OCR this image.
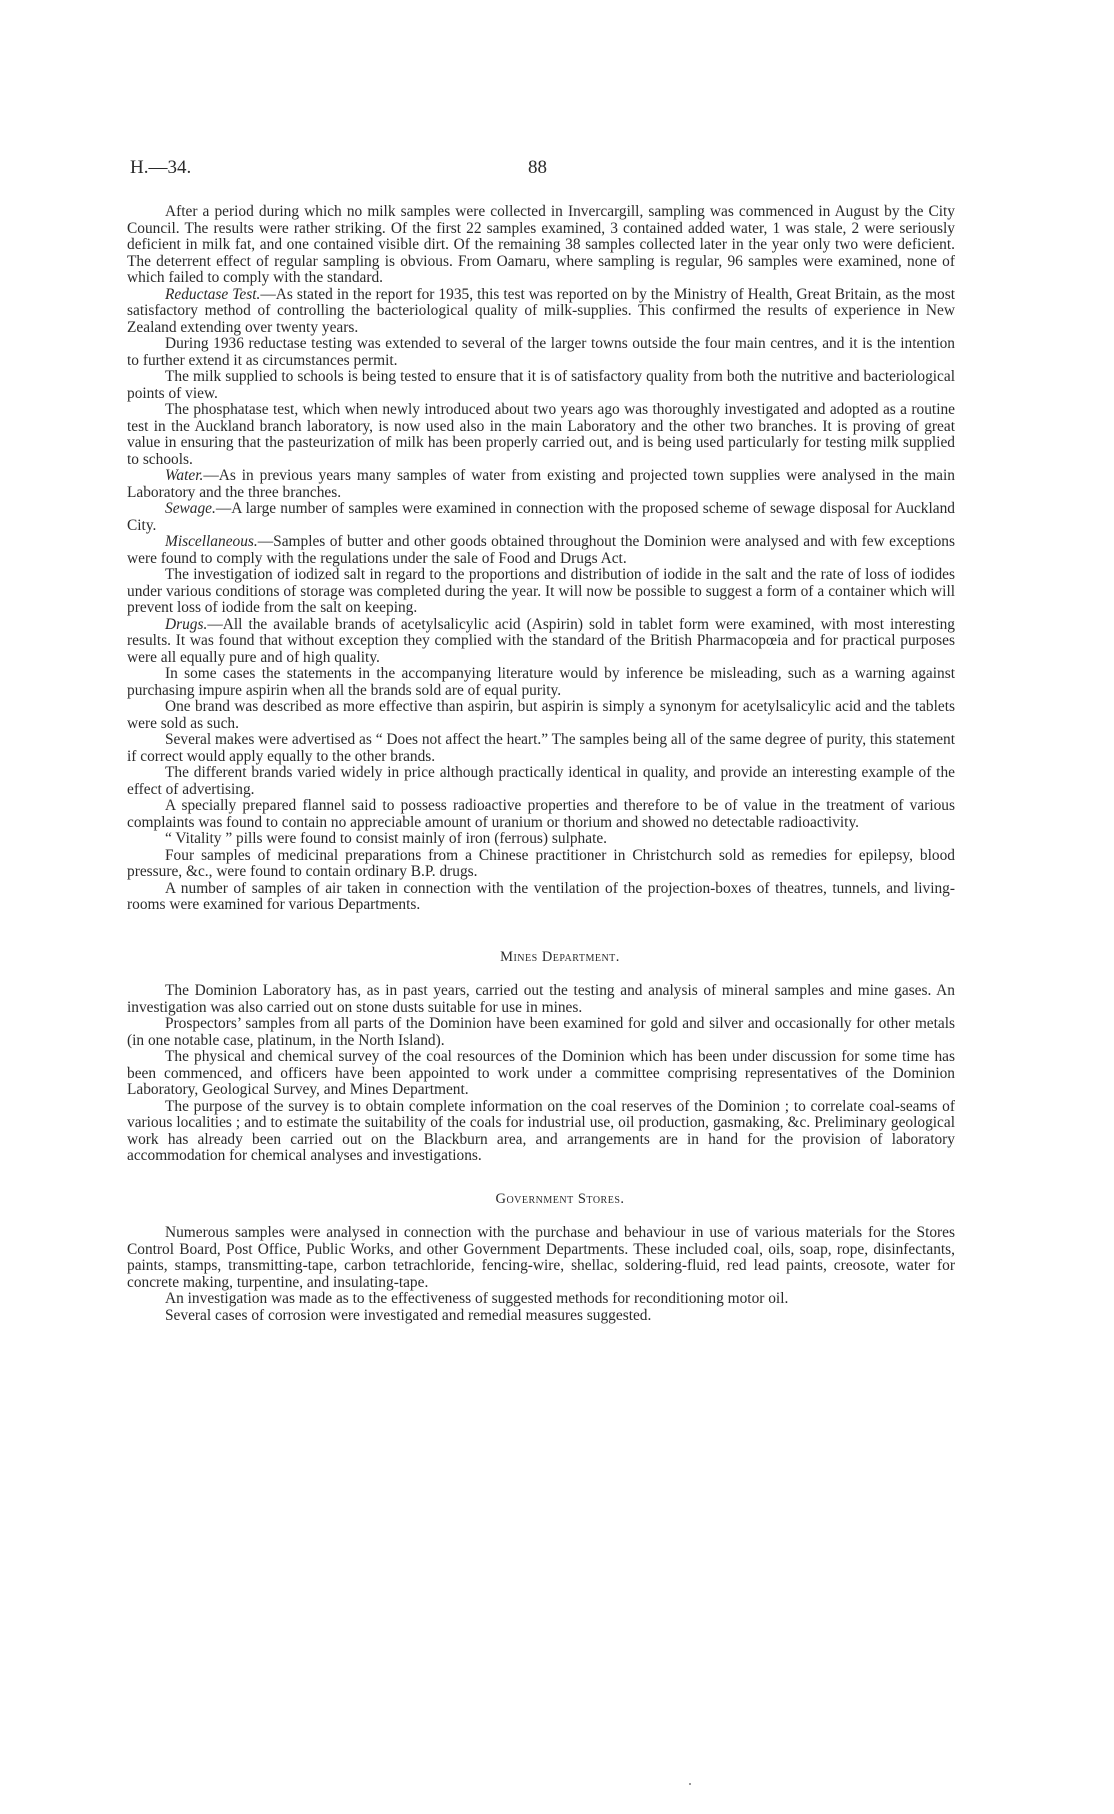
H.—34.	88

After a period during which no milk samples were collected in Invercargill, sampling was commenced in August by the City Council. The results were rather striking. Of the first 22 samples examined, 3 contained added water, 1 was stale, 2 were seriously deficient in milk fat, and one contained visible dirt. Of the remaining 38 samples collected later in the year only two were deficient. The deterrent effect of regular sampling is obvious. From Oamaru, where sampling is regular, 96 samples were examined, none of which failed to comply with the standard.

Reductase Test.—As stated in the report for 1935, this test was reported on by the Ministry of Health, Great Britain, as the most satisfactory method of controlling the bacteriological quality of milk-supplies. This confirmed the results of experience in New Zealand extending over twenty years.

During 1936 reductase testing was extended to several of the larger towns outside the four main centres, and it is the intention to further extend it as circumstances permit.

The milk supplied to schools is being tested to ensure that it is of satisfactory quality from both the nutritive and bacteriological points of view.

The phosphatase test, which when newly introduced about two years ago was thoroughly investigated and adopted as a routine test in the Auckland branch laboratory, is now used also in the main Laboratory and the other two branches. It is proving of great value in ensuring that the pasteurization of milk has been properly carried out, and is being used particularly for testing milk supplied to schools.

Water.—As in previous years many samples of water from existing and projected town supplies were analysed in the main Laboratory and the three branches.

Sewage.—A large number of samples were examined in connection with the proposed scheme of sewage disposal for Auckland City.

Miscellaneous.—Samples of butter and other goods obtained throughout the Dominion were analysed and with few exceptions were found to comply with the regulations under the sale of Food and Drugs Act.

The investigation of iodized salt in regard to the proportions and distribution of iodide in the salt and the rate of loss of iodides under various conditions of storage was completed during the year. It will now be possible to suggest a form of a container which will prevent loss of iodide from the salt on keeping.

Drugs.—All the available brands of acetylsalicylic acid (Aspirin) sold in tablet form were examined, with most interesting results. It was found that without exception they complied with the standard of the British Pharmacopœia and for practical purposes were all equally pure and of high quality.

In some cases the statements in the accompanying literature would by inference be misleading, such as a warning against purchasing impure aspirin when all the brands sold are of equal purity.

One brand was described as more effective than aspirin, but aspirin is simply a synonym for acetylsalicylic acid and the tablets were sold as such.

Several makes were advertised as “ Does not affect the heart.” The samples being all of the same degree of purity, this statement if correct would apply equally to the other brands.

The different brands varied widely in price although practically identical in quality, and provide an interesting example of the effect of advertising.

A specially prepared flannel said to possess radioactive properties and therefore to be of value in the treatment of various complaints was found to contain no appreciable amount of uranium or thorium and showed no detectable radioactivity.

“ Vitality ” pills were found to consist mainly of iron (ferrous) sulphate.

Four samples of medicinal preparations from a Chinese practitioner in Christchurch sold as remedies for epilepsy, blood pressure, &c., were found to contain ordinary B.P. drugs.

A number of samples of air taken in connection with the ventilation of the projection-boxes of theatres, tunnels, and living-rooms were examined for various Departments.

Mines Department.

The Dominion Laboratory has, as in past years, carried out the testing and analysis of mineral samples and mine gases. An investigation was also carried out on stone dusts suitable for use in mines.

Prospectors’ samples from all parts of the Dominion have been examined for gold and silver and occasionally for other metals (in one notable case, platinum, in the North Island).

The physical and chemical survey of the coal resources of the Dominion which has been under discussion for some time has been commenced, and officers have been appointed to work under a committee comprising representatives of the Dominion Laboratory, Geological Survey, and Mines Department.

The purpose of the survey is to obtain complete information on the coal reserves of the Dominion ; to correlate coal-seams of various localities ; and to estimate the suitability of the coals for industrial use, oil production, gasmaking, &c. Preliminary geological work has already been carried out on the Blackburn area, and arrangements are in hand for the provision of laboratory accommodation for chemical analyses and investigations.

Government Stores.

Numerous samples were analysed in connection with the purchase and behaviour in use of various materials for the Stores Control Board, Post Office, Public Works, and other Government Departments. These included coal, oils, soap, rope, disinfectants, paints, stamps, transmitting-tape, carbon tetrachloride, fencing-wire, shellac, soldering-fluid, red lead paints, creosote, water for concrete making, turpentine, and insulating-tape.

An investigation was made as to the effectiveness of suggested methods for reconditioning motor oil.

Several cases of corrosion were investigated and remedial measures suggested.
